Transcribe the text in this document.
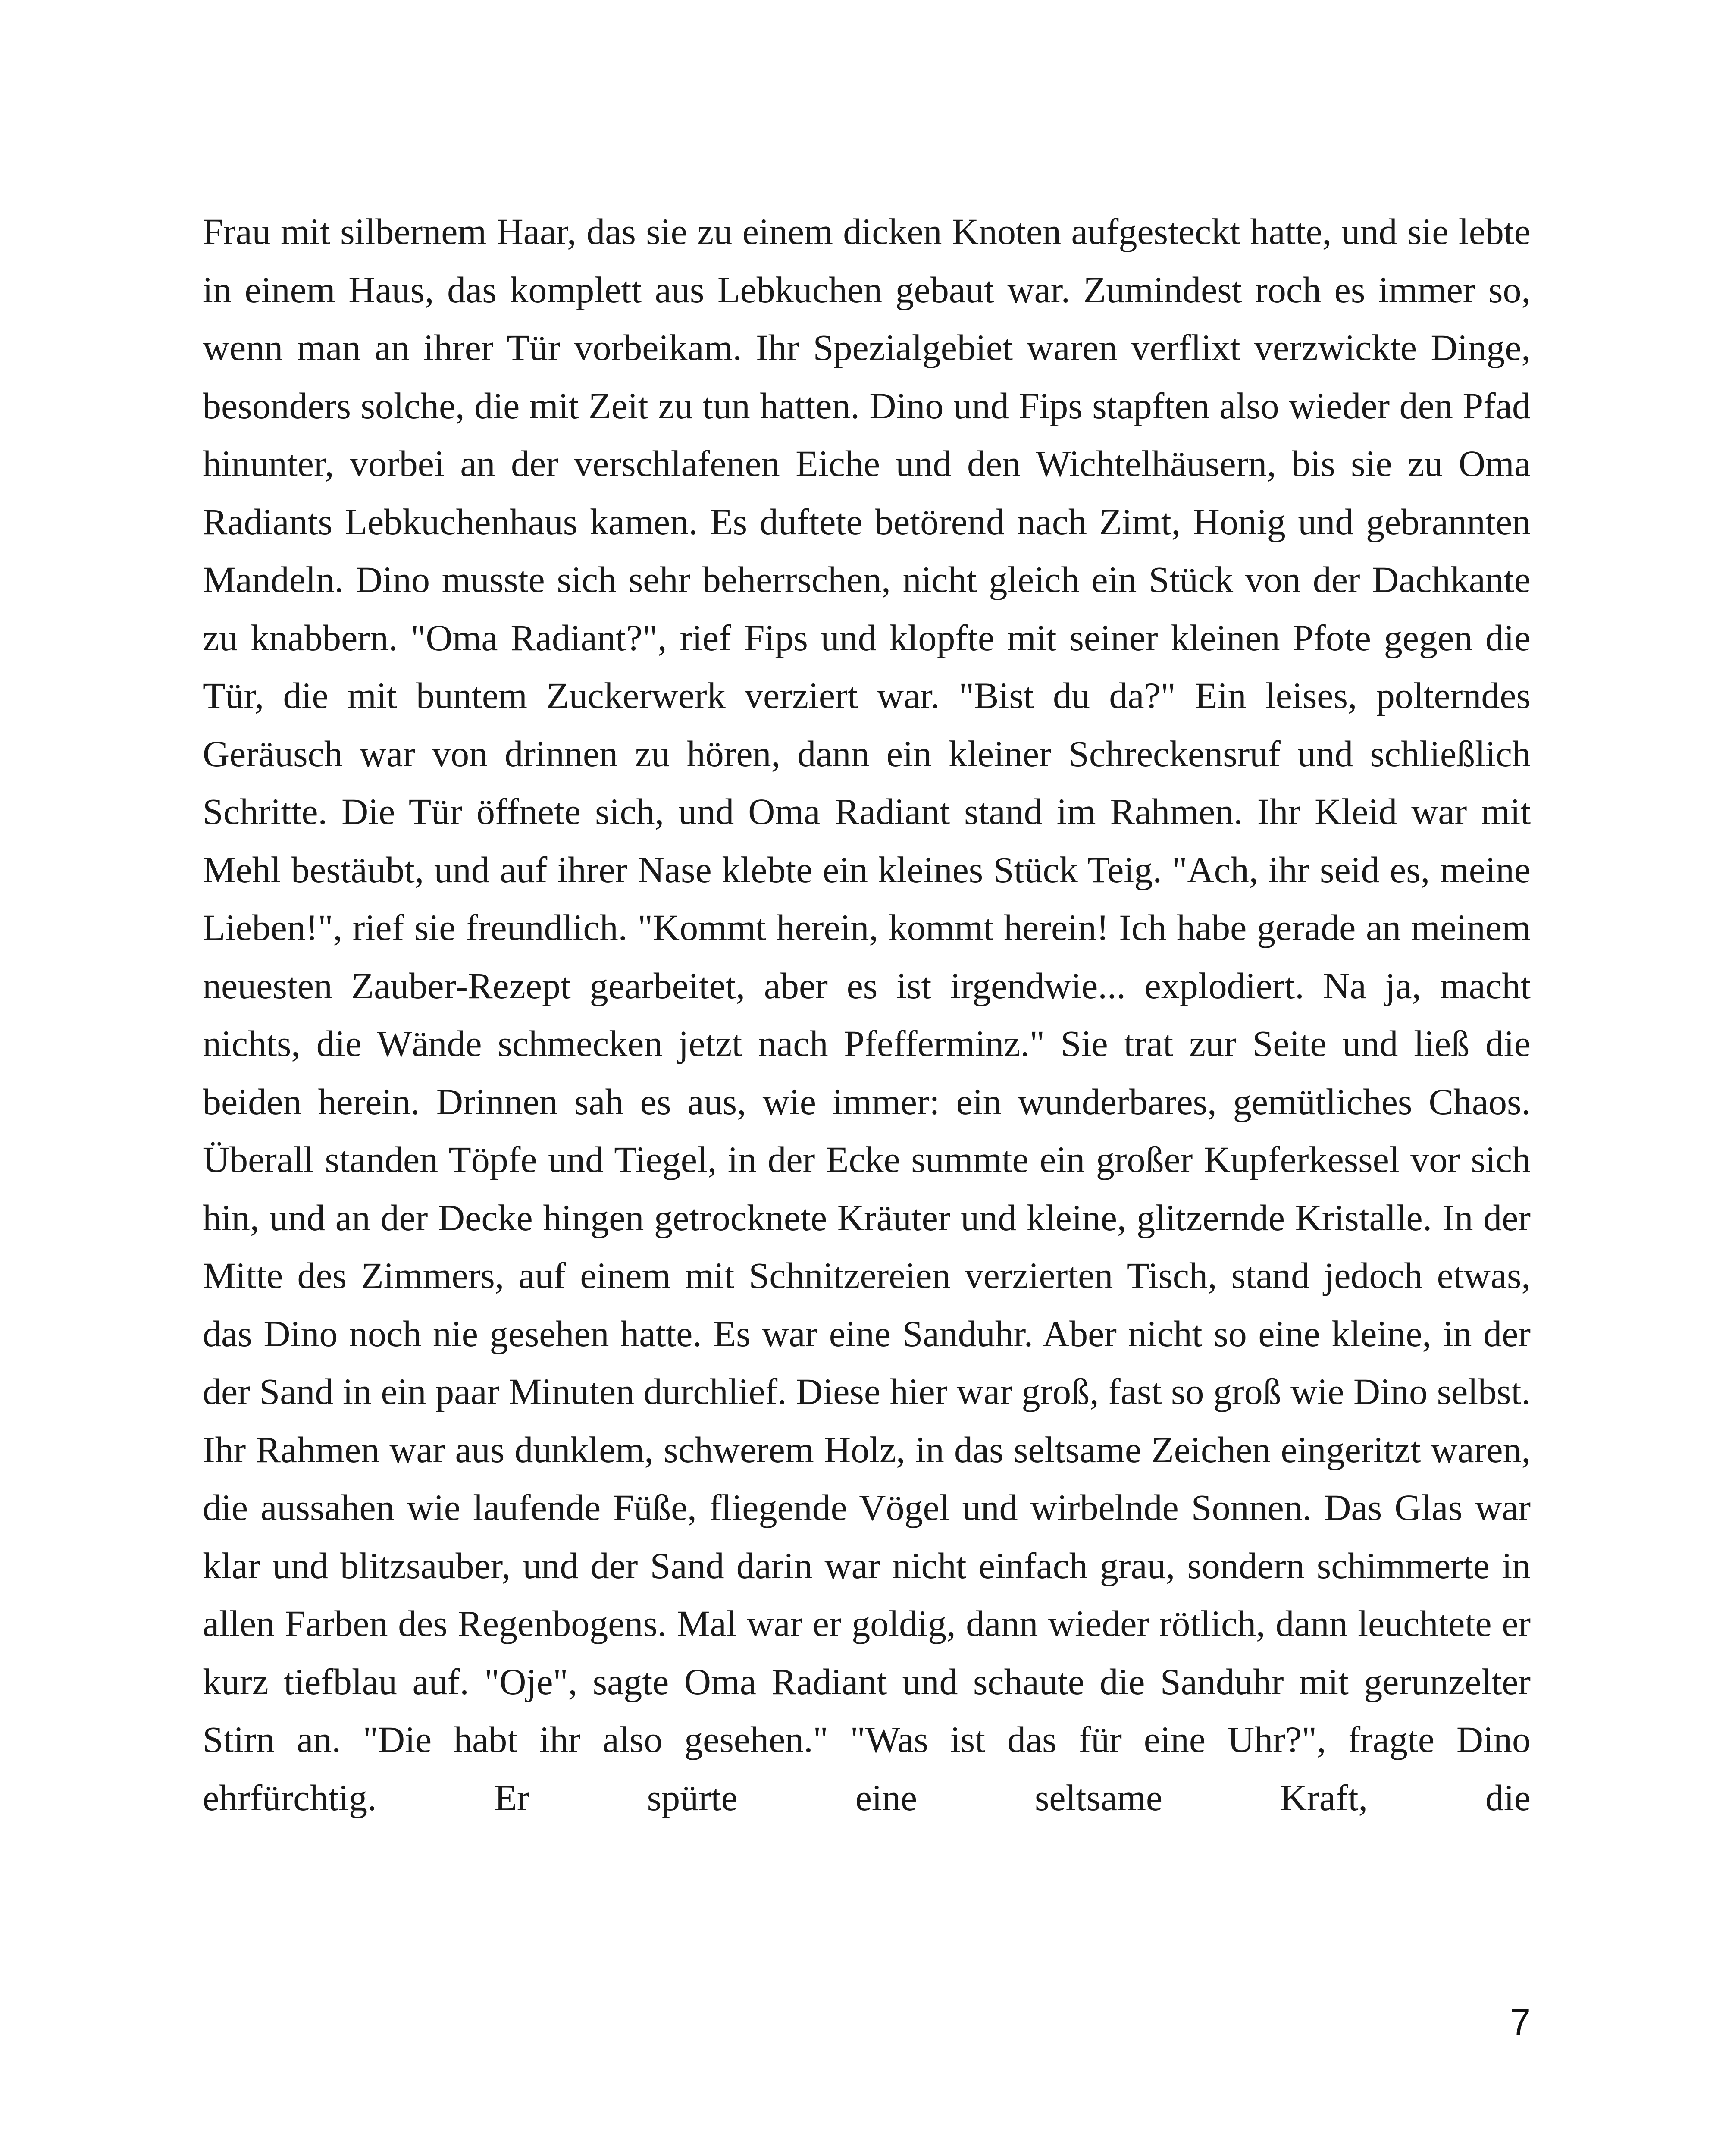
Frau mit silbernem Haar, das sie zu einem dicken Knoten aufgesteckt hatte, und sie lebte in einem Haus, das komplett aus Lebkuchen gebaut war. Zumindest roch es immer so, wenn man an ihrer Tür vorbeikam. Ihr Spezialgebiet waren verflixt verzwickte Dinge, besonders solche, die mit Zeit zu tun hatten. Dino und Fips stapften also wieder den Pfad hinunter, vorbei an der verschlafenen Eiche und den Wichtelhäusern, bis sie zu Oma Radiants Lebkuchenhaus kamen. Es duftete betörend nach Zimt, Honig und gebrannten Mandeln. Dino musste sich sehr beherrschen, nicht gleich ein Stück von der Dachkante zu knabbern. "Oma Radiant?", rief Fips und klopfte mit seiner kleinen Pfote gegen die Tür, die mit buntem Zuckerwerk verziert war. "Bist du da?" Ein leises, polterndes Geräusch war von drinnen zu hören, dann ein kleiner Schreckensruf und schließlich Schritte. Die Tür öffnete sich, und Oma Radiant stand im Rahmen. Ihr Kleid war mit Mehl bestäubt, und auf ihrer Nase klebte ein kleines Stück Teig. "Ach, ihr seid es, meine Lieben!", rief sie freundlich. "Kommt herein, kommt herein! Ich habe gerade an meinem neuesten Zauber-Rezept gearbeitet, aber es ist irgendwie... explodiert. Na ja, macht nichts, die Wände schmecken jetzt nach Pfefferminz." Sie trat zur Seite und ließ die beiden herein. Drinnen sah es aus, wie immer: ein wunderbares, gemütliches Chaos. Überall standen Töpfe und Tiegel, in der Ecke summte ein großer Kupferkessel vor sich hin, und an der Decke hingen getrocknete Kräuter und kleine, glitzernde Kristalle. In der Mitte des Zimmers, auf einem mit Schnitzereien verzierten Tisch, stand jedoch etwas, das Dino noch nie gesehen hatte. Es war eine Sanduhr. Aber nicht so eine kleine, in der der Sand in ein paar Minuten durchlief. Diese hier war groß, fast so groß wie Dino selbst. Ihr Rahmen war aus dunklem, schwerem Holz, in das seltsame Zeichen eingeritzt waren, die aussahen wie laufende Füße, fliegende Vögel und wirbelnde Sonnen. Das Glas war klar und blitzsauber, und der Sand darin war nicht einfach grau, sondern schimmerte in allen Farben des Regenbogens. Mal war er goldig, dann wieder rötlich, dann leuchtete er kurz tiefblau auf. "Oje", sagte Oma Radiant und schaute die Sanduhr mit gerunzelter Stirn an. "Die habt ihr also gesehen." "Was ist das für eine Uhr?", fragte Dino ehrfürchtig. Er spürte eine seltsame Kraft, die

7
